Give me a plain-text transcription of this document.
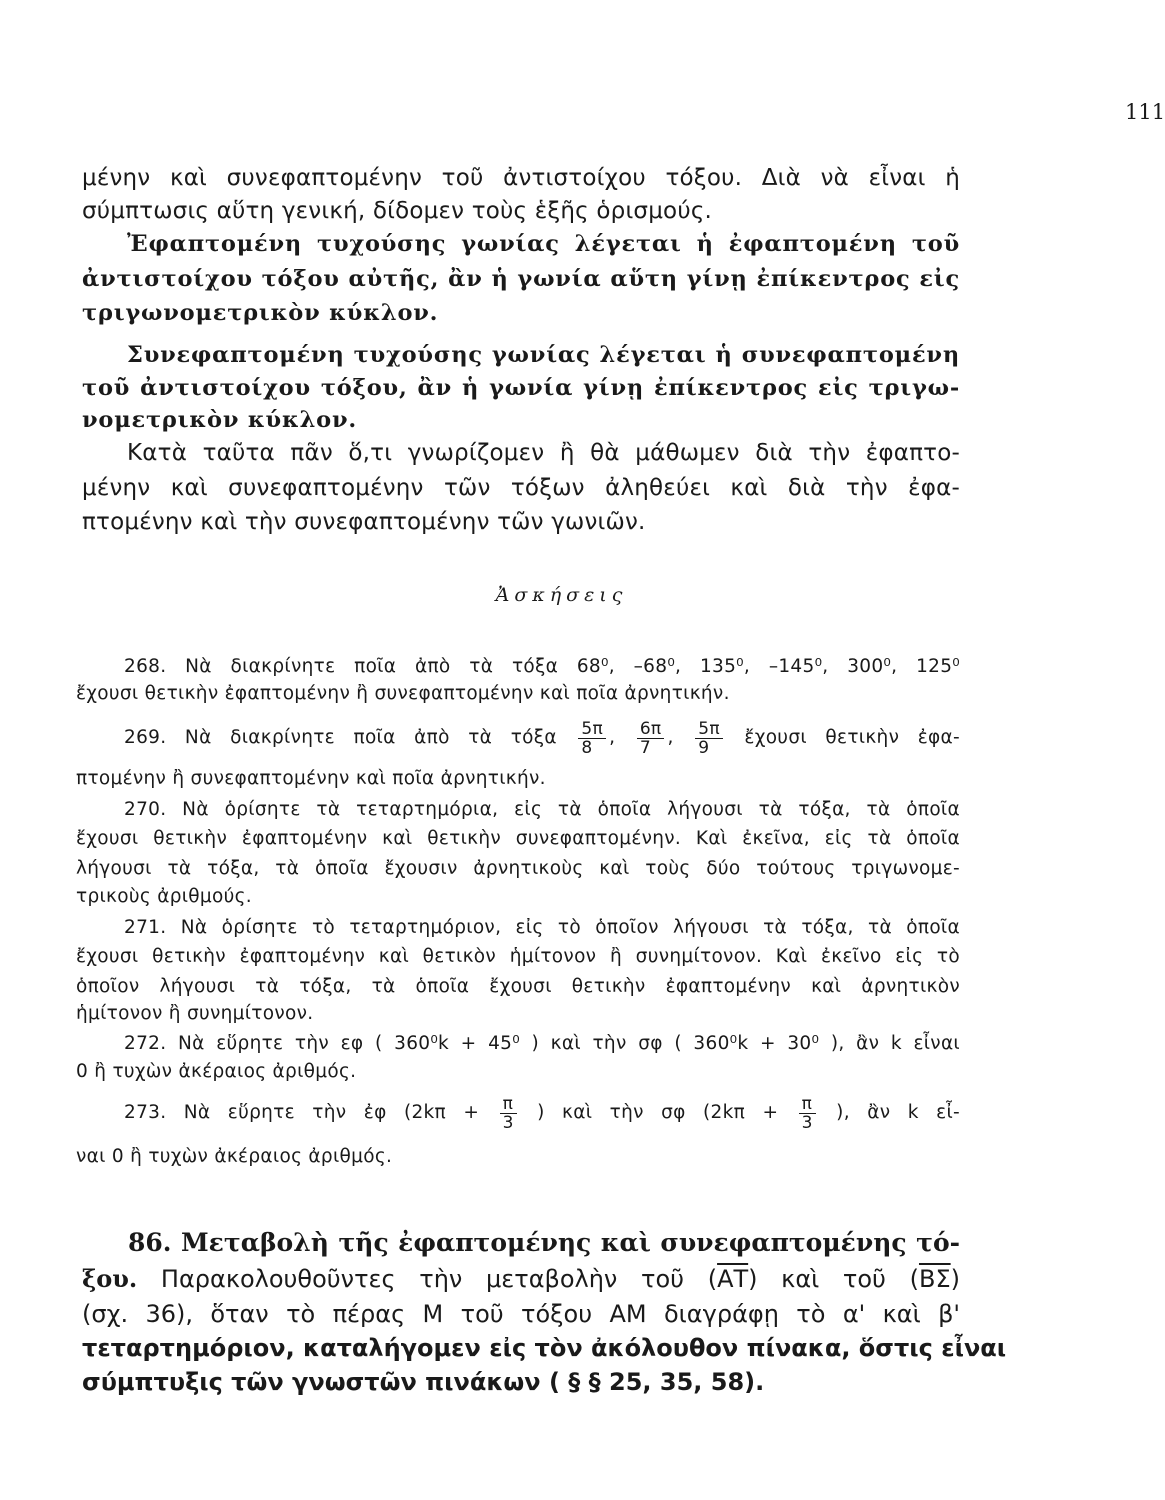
111
μένην καὶ συνεφαπτομένην τοῦ ἀντιστοίχου τόξου. Διὰ νὰ εἶναι ἡ
σύμπτωσις αὕτη γενική, δίδομεν τοὺς ἑξῆς ὁρισμούς.
Ἐφαπτομένη τυχούσης γωνίας λέγεται ἡ ἐφαπτομένη τοῦ
ἀντιστοίχου τόξου αὐτῆς, ἂν ἡ γωνία αὕτη γίνῃ ἐπίκεντρος εἰς
τριγωνομετρικὸν κύκλον.
Συνεφαπτομένη τυχούσης γωνίας λέγεται ἡ συνεφαπτομένη
τοῦ ἀντιστοίχου τόξου, ἂν ἡ γωνία γίνῃ ἐπίκεντρος εἰς τριγω-
νομετρικὸν κύκλον.
Κατὰ ταῦτα πᾶν ὅ,τι γνωρίζομεν ἢ θὰ μάθωμεν διὰ τὴν ἐφαπτο-
μένην καὶ συνεφαπτομένην τῶν τόξων ἀληθεύει καὶ διὰ τὴν ἐφα-
πτομένην καὶ τὴν συνεφαπτομένην τῶν γωνιῶν.
Ἀσκήσεις
268. Νὰ διακρίνητε ποῖα ἀπὸ τὰ τόξα 68⁰, –68⁰, 135⁰, –145⁰, 300⁰, 125⁰
ἔχουσι θετικὴν ἐφαπτομένην ἢ συνεφαπτομένην καὶ ποῖα ἀρνητικήν.
269. Νὰ διακρίνητε ποῖα ἀπὸ τὰ τόξα $\frac{5\pi}{8}$ , $\frac{6\pi}{7}$ , $\frac{5\pi}{9}$ ἔχουσι θετικὴν ἐφα-
πτομένην ἢ συνεφαπτομένην καὶ ποῖα ἀρνητικήν.
270. Νὰ ὁρίσητε τὰ τεταρτημόρια, εἰς τὰ ὁποῖα λήγουσι τὰ τόξα, τὰ ὁποῖα
ἔχουσι θετικὴν ἐφαπτομένην καὶ θετικὴν συνεφαπτομένην. Καὶ ἐκεῖνα, εἰς τὰ ὁποῖα
λήγουσι τὰ τόξα, τὰ ὁποῖα ἔχουσιν ἀρνητικοὺς καὶ τοὺς δύο τούτους τριγωνομε-
τρικοὺς ἀριθμούς.
271. Νὰ ὁρίσητε τὸ τεταρτημόριον, εἰς τὸ ὁποῖον λήγουσι τὰ τόξα, τὰ ὁποῖα
ἔχουσι θετικὴν ἐφαπτομένην καὶ θετικὸν ἡμίτονον ἢ συνημίτονον. Καὶ ἐκεῖνο εἰς τὸ
ὁποῖον λήγουσι τὰ τόξα, τὰ ὁποῖα ἔχουσι θετικὴν ἐφαπτομένην καὶ ἀρνητικὸν
ἡμίτονον ἢ συνημίτονον.
272. Νὰ εὕρητε τὴν εφ ( 360⁰k + 45⁰ ) καὶ τὴν σφ ( 360⁰k + 30⁰ ), ἂν k εἶναι
0 ἢ τυχὼν ἀκέραιος ἀριθμός.
273. Νὰ εὕρητε τὴν ἐφ ($2k\pi + \frac{\pi}{3}$ ) καὶ τὴν σφ ($2k\pi + \frac{\pi}{3}$ ), ἂν k εἶ-
ναι 0 ἢ τυχὼν ἀκέραιος ἀριθμός.
86. Μεταβολὴ τῆς ἐφαπτομένης καὶ συνεφαπτομένης τό-
ξου. Παρακολουθοῦντες τὴν μεταβολὴν τοῦ $(\overline{AT})$ καὶ τοῦ $(\overline{B\Sigma})$
(σχ. 36), ὅταν τὸ πέρας Μ τοῦ τόξου ΑΜ διαγράφῃ τὸ α' καὶ β'
τεταρτημόριον, καταλήγομεν εἰς τὸν ἀκόλουθον πίνακα, ὅστις εἶναι
σύμπτυξις τῶν γνωστῶν πινάκων ( § § 25, 35, 58).
